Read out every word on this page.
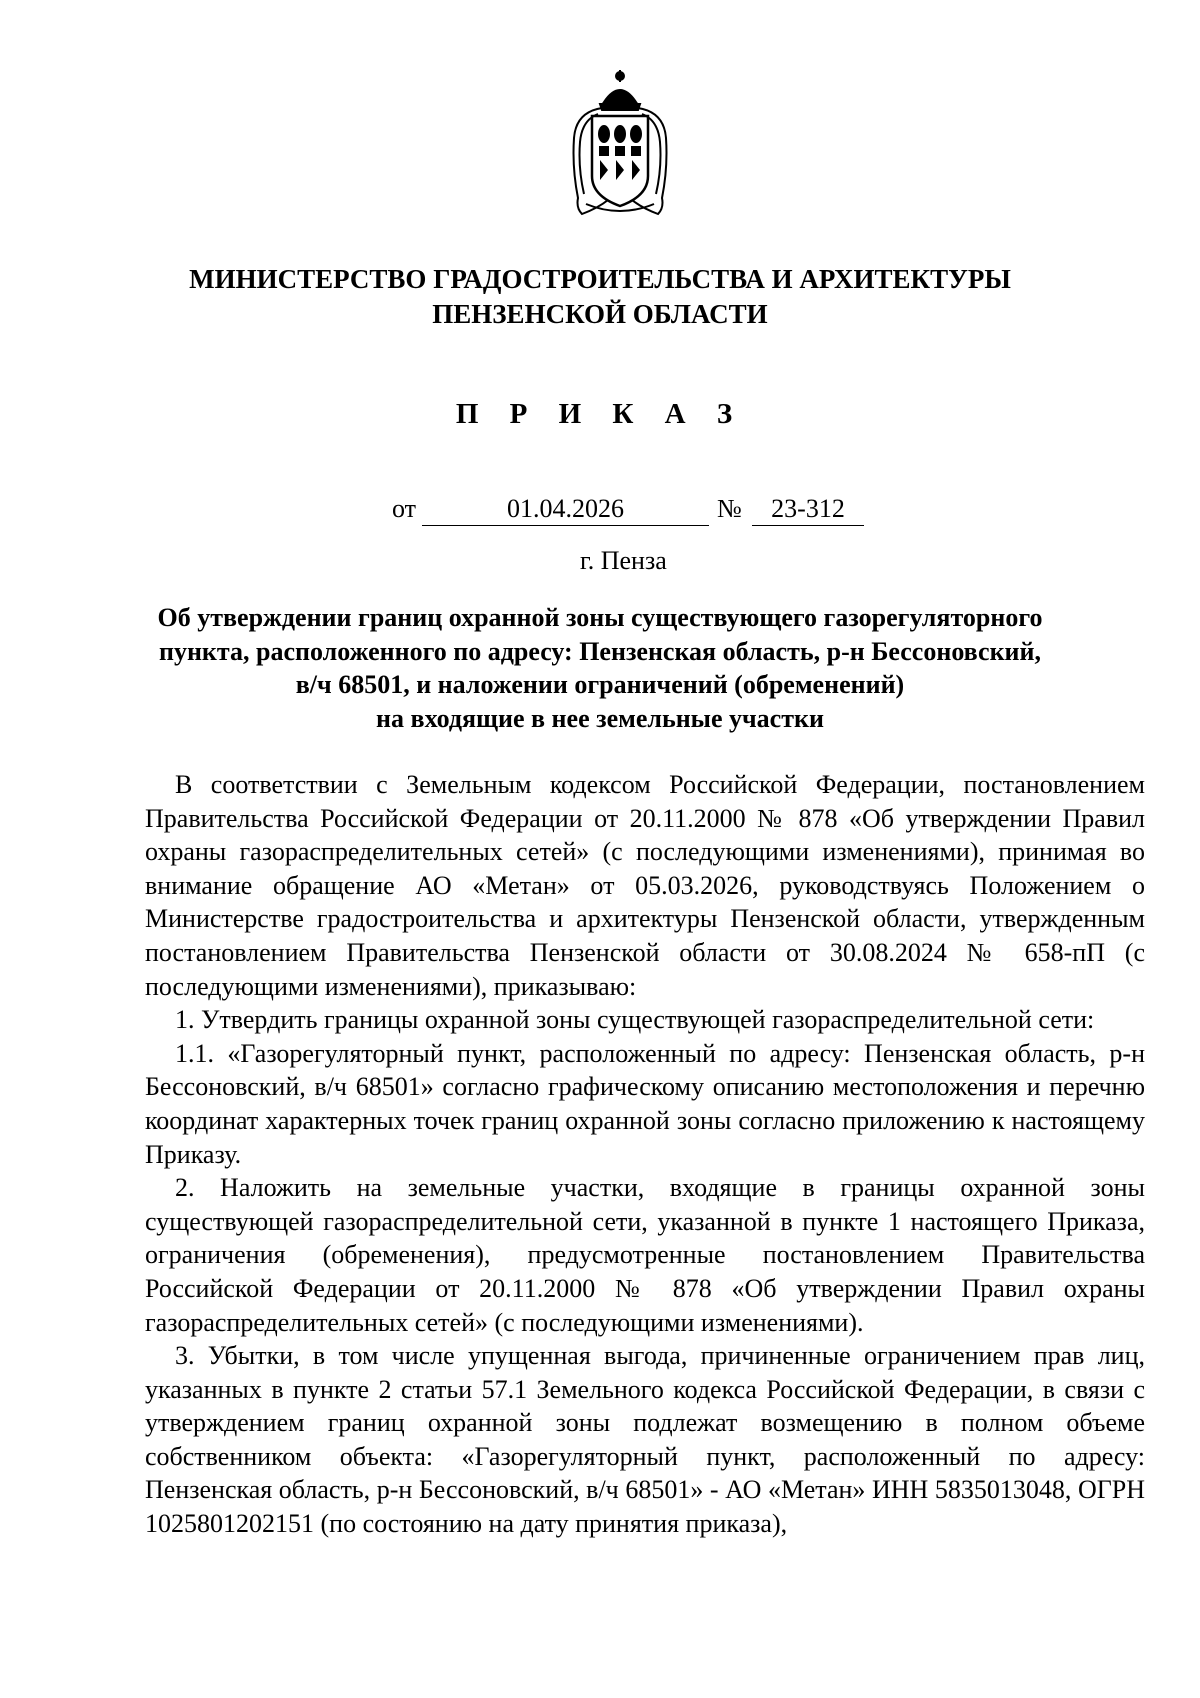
МИНИСТЕРСТВО ГРАДОСТРОИТЕЛЬСТВА И АРХИТЕКТУРЫ
ПЕНЗЕНСКОЙ ОБЛАСТИ
П Р И К А З
от	01.04.2026	№	23-312
г. Пенза
Об утверждении границ охранной зоны существующего газорегуляторного
пункта, расположенного по адресу: Пензенская область, р-н Бессоновский,
в/ч 68501, и наложении ограничений (обременений)
на входящие в нее земельные участки

В соответствии с Земельным кодексом Российской Федерации, постановлением Правительства Российской Федерации от 20.11.2000 № 878 «Об утверждении Правил охраны газораспределительных сетей» (с последующими изменениями), принимая во внимание обращение АО «Метан» от 05.03.2026, руководствуясь Положением о Министерстве градостроительства и архитектуры Пензенской области, утвержденным постановлением Правительства Пензенской области от 30.08.2024 № 658-пП (с последующими изменениями), приказываю:

1. Утвердить границы охранной зоны существующей газораспределительной сети:

1.1. «Газорегуляторный пункт, расположенный по адресу: Пензенская область, р-н Бессоновский, в/ч 68501» согласно графическому описанию местоположения и перечню координат характерных точек границ охранной зоны согласно приложению к настоящему Приказу.

2. Наложить на земельные участки, входящие в границы охранной зоны существующей газораспределительной сети, указанной в пункте 1 настоящего Приказа, ограничения (обременения), предусмотренные постановлением Правительства Российской Федерации от 20.11.2000 № 878 «Об утверждении Правил охраны газораспределительных сетей» (с последующими изменениями).

3. Убытки, в том числе упущенная выгода, причиненные ограничением прав лиц, указанных в пункте 2 статьи 57.1 Земельного кодекса Российской Федерации, в связи с утверждением границ охранной зоны подлежат возмещению в полном объеме собственником объекта: «Газорегуляторный пункт, расположенный по адресу: Пензенская область, р-н Бессоновский, в/ч 68501» - АО «Метан» ИНН 5835013048, ОГРН 1025801202151 (по состоянию на дату принятия приказа),
